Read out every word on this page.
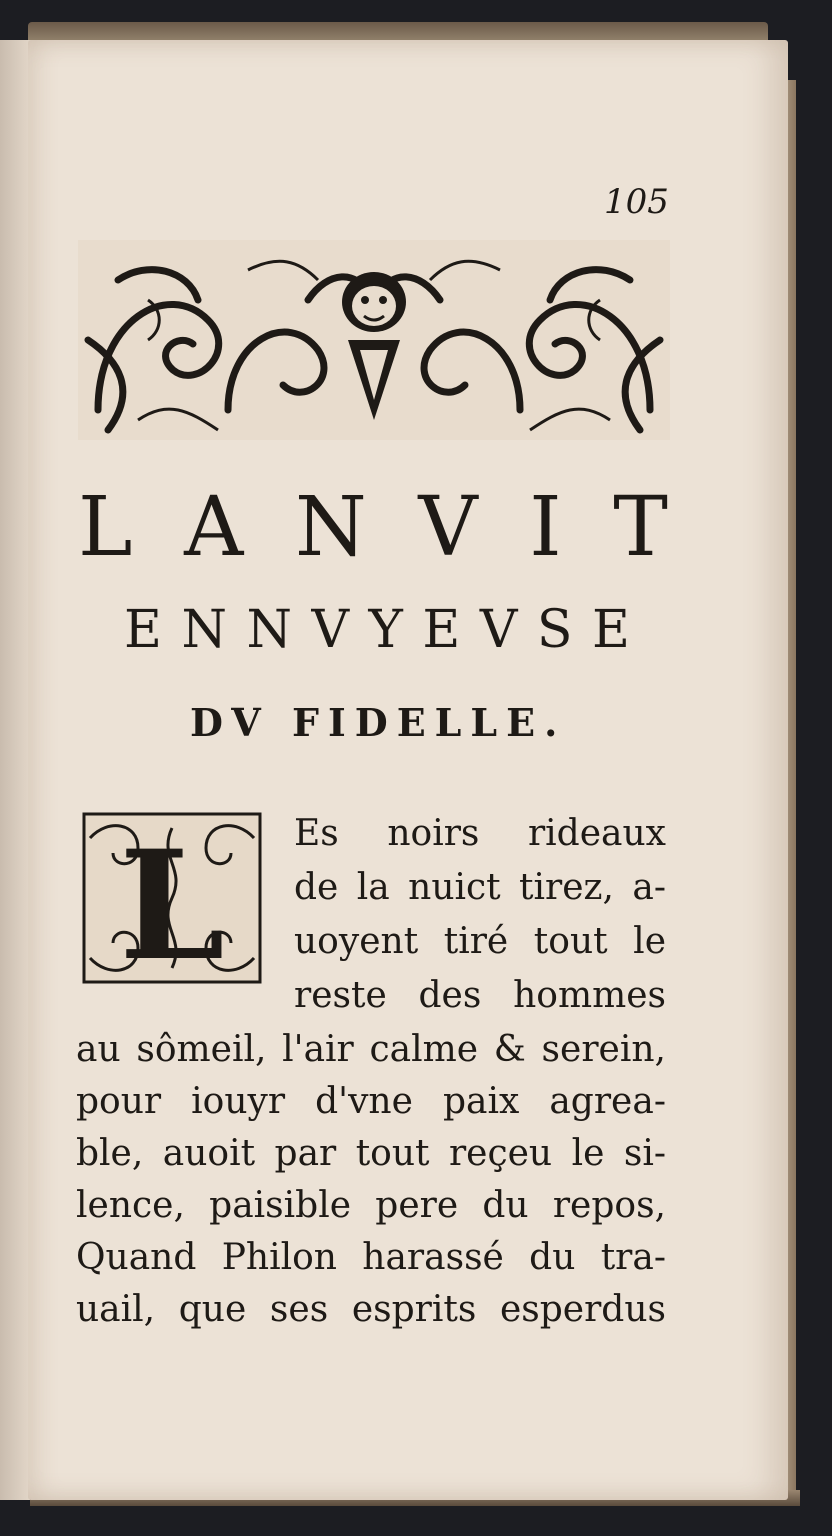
105
L A N V I T
E N N V Y E V S E
DV FIDELLE.
L Es noirs rideaux
de la nuict tirez, a-
uoyent tiré tout le
reste des hommes
au sômeil, l'air calme & serein,
pour iouyr d'vne paix agrea-
ble, auoit par tout reçeu le si-
lence, paisible pere du repos,
Quand Philon harassé du tra-
uail, que ses esprits esperdus
